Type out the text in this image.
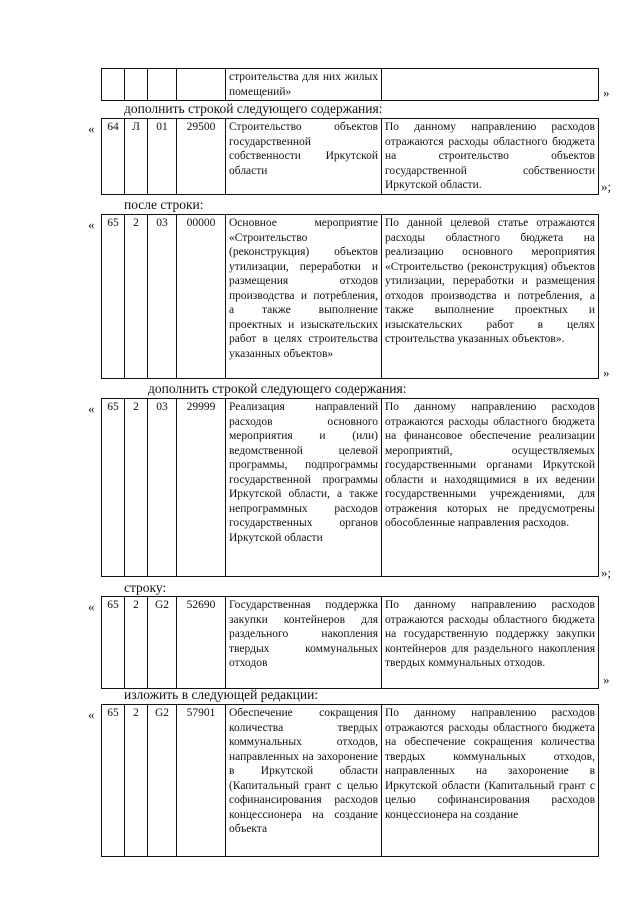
				строительства для них жилых помещений»		»
дополнить строкой следующего содержания:
« 64	Л	01	29500	Строительство объектов государственной собственности Иркутской области	По данному направлению расходов отражаются расходы областного бюджета на строительство объектов государственной собственности Иркутской области.	»;
после строки:
« 65	2	03	00000	Основное мероприятие «Строительство (реконструкция) объектов утилизации, переработки и размещения отходов производства и потребления, а также выполнение проектных и изыскательских работ в целях строительства указанных объектов»	По данной целевой статье отражаются расходы областного бюджета на реализацию основного мероприятия «Строительство (реконструкция) объектов утилизации, переработки и размещения отходов производства и потребления, а также выполнение проектных и изыскательских работ в целях строительства указанных объектов».
»
дополнить строкой следующего содержания:
« 65	2	03	29999	Реализация направлений расходов основного мероприятия и (или) ведомственной целевой программы, подпрограммы государственной программы Иркутской области, а также непрограммных расходов государственных органов Иркутской области	По данному направлению расходов отражаются расходы областного бюджета на финансовое обеспечение реализации мероприятий, осуществляемых государственными органами Иркутской области и находящимися в их ведении государственными учреждениями, для отражения которых не предусмотрены обособленные направления расходов.
»;
строку:
« 65	2	G2	52690	Государственная поддержка закупки контейнеров для раздельного накопления твердых коммунальных отходов	По данному направлению расходов отражаются расходы областного бюджета на государственную поддержку закупки контейнеров для раздельного накопления твердых коммунальных отходов.
»
изложить в следующей редакции:
« 65	2	G2	57901	Обеспечение сокращения количества твердых коммунальных отходов, направленных на захоронение в Иркутской области (Капитальный грант с целью софинансирования расходов концессионера на создание объекта	По данному направлению расходов отражаются расходы областного бюджета на обеспечение сокращения количества твердых коммунальных отходов, направленных на захоронение в Иркутской области (Капитальный грант с целью софинансирования расходов концессионера на создание
